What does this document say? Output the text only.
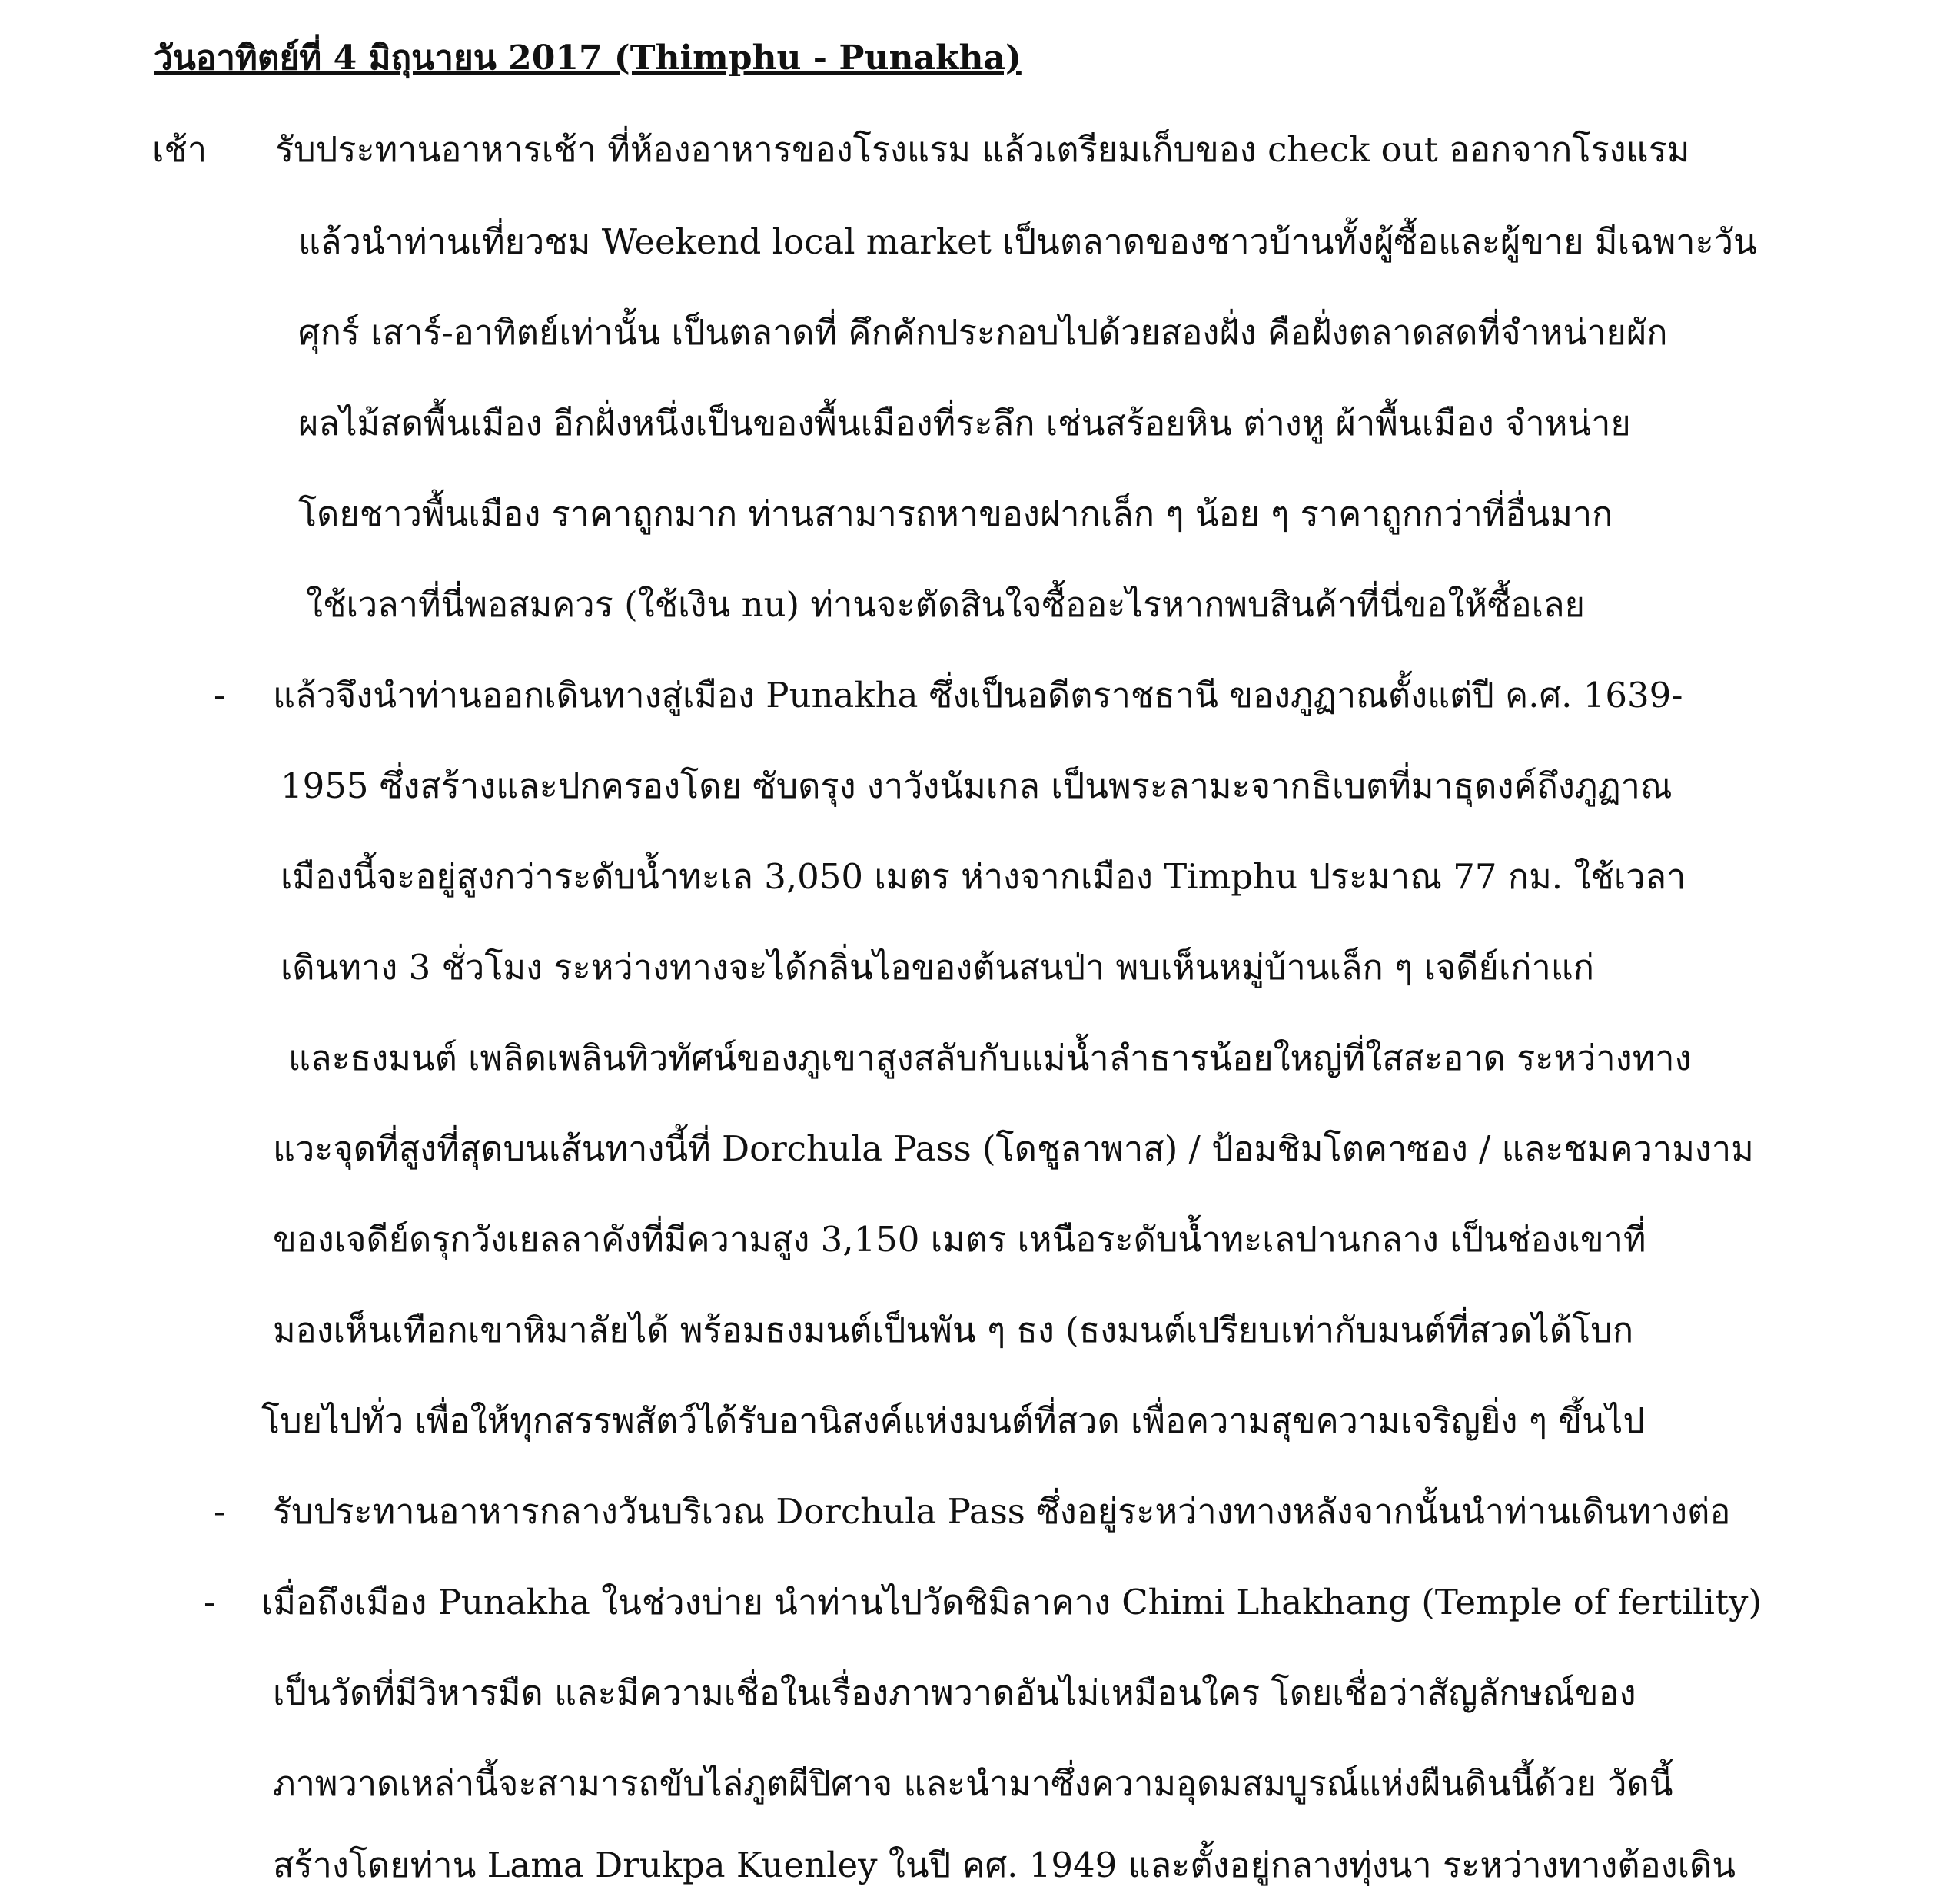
วันอาทิตย์ที่ 4 มิถุนายน 2017 (Thimphu - Punakha)
เช้า รับประทานอาหารเช้า ที่ห้องอาหารของโรงแรม แล้วเตรียมเก็บของ check out ออกจากโรงแรม
แล้วนำท่านเที่ยวชม Weekend local market เป็นตลาดของชาวบ้านทั้งผู้ซื้อและผู้ขาย มีเฉพาะวัน
ศุกร์ เสาร์-อาทิตย์เท่านั้น เป็นตลาดที่ คึกคักประกอบไปด้วยสองฝั่ง คือฝั่งตลาดสดที่จำหน่ายผัก
ผลไม้สดพื้นเมือง อีกฝั่งหนึ่งเป็นของพื้นเมืองที่ระลึก เช่นสร้อยหิน ต่างหู ผ้าพื้นเมือง จำหน่าย
โดยชาวพื้นเมือง ราคาถูกมาก ท่านสามารถหาของฝากเล็ก ๆ น้อย ๆ ราคาถูกกว่าที่อื่นมาก
ใช้เวลาที่นี่พอสมควร (ใช้เงิน nu) ท่านจะตัดสินใจซื้ออะไรหากพบสินค้าที่นี่ขอให้ซื้อเลย
- แล้วจึงนำท่านออกเดินทางสู่เมือง Punakha ซึ่งเป็นอดีตราชธานี ของภูฏาณตั้งแต่ปี ค.ศ. 1639-
1955 ซึ่งสร้างและปกครองโดย ซับดรุง งาวังนัมเกล เป็นพระลามะจากธิเบตที่มาธุดงค์ถึงภูฏาณ
เมืองนี้จะอยู่สูงกว่าระดับน้ำทะเล 3,050 เมตร ห่างจากเมือง Timphu ประมาณ 77 กม. ใช้เวลา
เดินทาง 3 ชั่วโมง ระหว่างทางจะได้กลิ่นไอของต้นสนป่า พบเห็นหมู่บ้านเล็ก ๆ เจดีย์เก่าแก่
และธงมนต์ เพลิดเพลินทิวทัศน์ของภูเขาสูงสลับกับแม่น้ำลำธารน้อยใหญ่ที่ใสสะอาด ระหว่างทาง
แวะจุดที่สูงที่สุดบนเส้นทางนี้ที่ Dorchula Pass (โดชูลาพาส) / ป้อมชิมโตคาซอง / และชมความงาม
ของเจดีย์ดรุกวังเยลลาคังที่มีความสูง 3,150 เมตร เหนือระดับน้ำทะเลปานกลาง เป็นช่องเขาที่
มองเห็นเทือกเขาหิมาลัยได้ พร้อมธงมนต์เป็นพัน ๆ ธง (ธงมนต์เปรียบเท่ากับมนต์ที่สวดได้โบก
โบยไปทั่ว เพื่อให้ทุกสรรพสัตว์ได้รับอานิสงค์แห่งมนต์ที่สวด เพื่อความสุขความเจริญยิ่ง ๆ ขึ้นไป
- รับประทานอาหารกลางวันบริเวณ Dorchula Pass ซึ่งอยู่ระหว่างทางหลังจากนั้นนำท่านเดินทางต่อ
- เมื่อถึงเมือง Punakha ในช่วงบ่าย นำท่านไปวัดชิมิลาคาง Chimi Lhakhang (Temple of fertility)
เป็นวัดที่มีวิหารมืด และมีความเชื่อในเรื่องภาพวาดอันไม่เหมือนใคร โดยเชื่อว่าสัญลักษณ์ของ
ภาพวาดเหล่านี้จะสามารถขับไล่ภูตผีปิศาจ และนำมาซึ่งความอุดมสมบูรณ์แห่งผืนดินนี้ด้วย วัดนี้
สร้างโดยท่าน Lama Drukpa Kuenley ในปี คศ. 1949 และตั้งอยู่กลางทุ่งนา ระหว่างทางต้องเดิน
